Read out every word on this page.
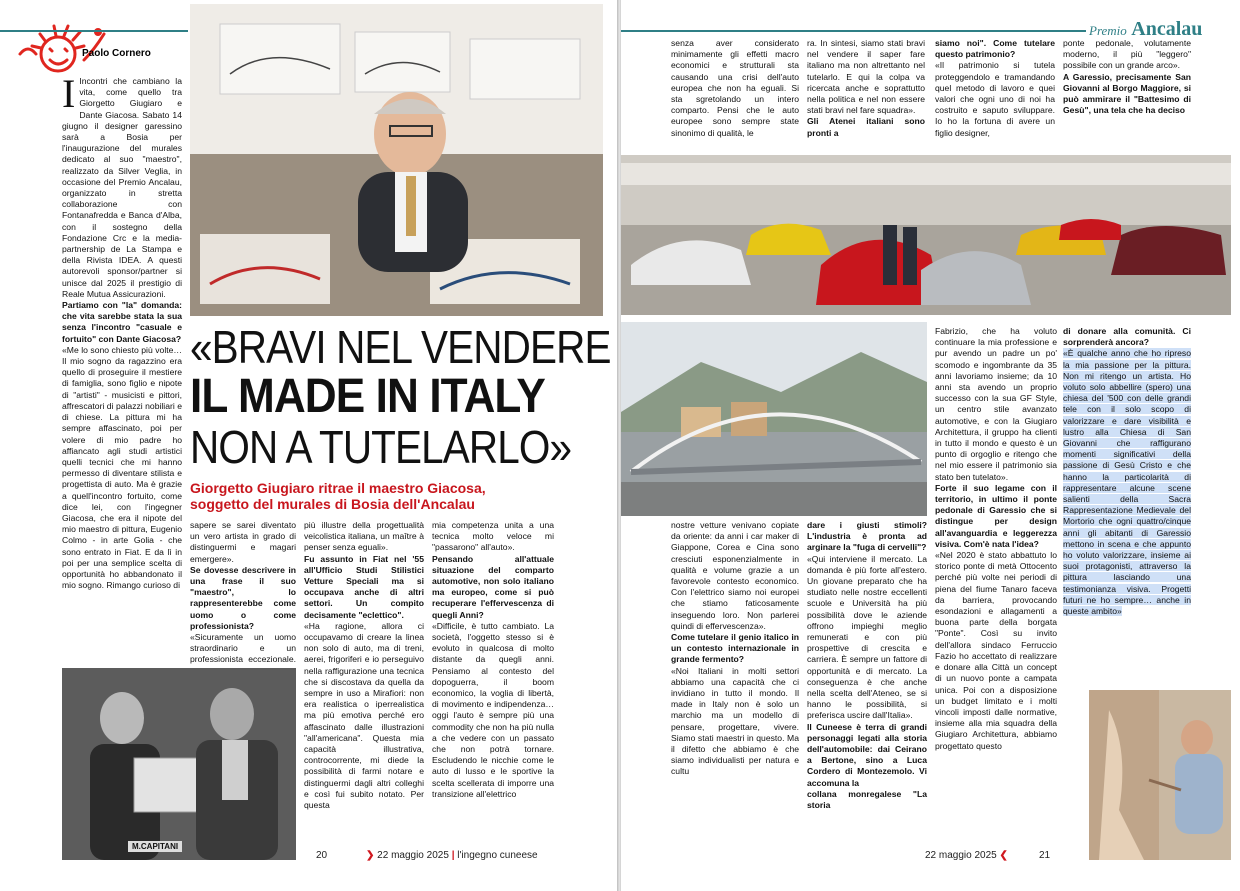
Paolo Cornero
I Incontri che cambiano la vita, come quello tra Giorgetto Giugiaro e Dante Giacosa. Sabato 14 giugno il designer garessino sarà a Bosia per l'inaugurazione del murales dedicato al suo "maestro", realizzato da Silver Veglia, in occasione del Premio Ancalau, organizzato in stretta collaborazione con Fontanafredda e Banca d'Alba, con il sostegno della Fondazione Crc e la media-partnership de La Stampa e della Rivista IDEA. A questi autorevoli sponsor/partner si unisce dal 2025 il prestigio di Reale Mutua Assicurazioni.

Partiamo con "la" domanda: che vita sarebbe stata la sua senza l'incontro "casuale e fortuito" con Dante Giacosa?

«Me lo sono chiesto più volte… Il mio sogno da ragazzino era quello di proseguire il mestiere di famiglia, sono figlio e nipote di "artisti" - musicisti e pittori, affrescatori di palazzi nobiliari e di chiese. La pittura mi ha sempre affascinato, poi per volere di mio padre ho affiancato agli studi artistici quelli tecnici che mi hanno permesso di diventare stilista e progettista di auto. Ma è grazie a quell'incontro fortuito, come dice lei, con l'ingegner Giacosa, che era il nipote del mio maestro di pittura, Eugenio Colmo - in arte Golia - che sono entrato in Fiat. E da lì in poi per una semplice scelta di opportunità ho abbandonato il mio sogno. Rimango curioso di

«BRAVI NEL VENDERE
IL MADE IN ITALY
NON A TUTELARLO»
Giorgetto Giugiaro ritrae il maestro Giacosa,
soggetto del murales di Bosia dell'Ancalau

sapere se sarei diventato un vero artista in grado di distinguermi e magari emergere».

Se dovesse descrivere in una frase il suo "maestro", lo rappresenterebbe come uomo o come professionista?

«Sicuramente un uomo straordinario e un professionista eccezionale.

più illustre della progettualità veicolistica italiana, un maître à penser senza eguali».

Fu assunto in Fiat nel '55 all'Ufficio Studi Stilistici Vetture Speciali ma si occupava anche di altri settori. Un compito decisamente "eclettico".

«Ha ragione, allora ci occupavamo di creare la linea non solo di auto, ma di treni, aerei, frigoriferi e io perseguivo nella raffigurazione una tecnica che si discostava da quella da sempre in uso a Mirafiori: non era realistica o iperrealistica ma più emotiva perché ero affascinato dalle illustrazioni "all'americana". Questa mia capacità illustrativa, controcorrente, mi diede la possibilità di farmi notare e distinguermi dagli altri colleghi e così fui subito notato. Per questa

mia competenza unita a una tecnica molto veloce mi "passarono" all'auto».

Pensando all'attuale situazione del comparto automotive, non solo italiano ma europeo, come si può recuperare l'effervescenza di quegli Anni?

«Difficile, è tutto cambiato. La società, l'oggetto stesso si è evoluto in qualcosa di molto distante da quegli anni. Pensiamo al contesto del dopoguerra, il boom economico, la voglia di libertà, di movimento e indipendenza… oggi l'auto è sempre più una commodity che non ha più nulla a che vedere con un passato che non potrà tornare. Escludendo le nicchie come le auto di lusso e le sportive la scelta scellerata di imporre una transizione all'elettrico

M.CAPITANI
20	❯ 22 maggio 2025 | l'ingegno cuneese
Premio Ancalau

senza aver considerato minimamente gli effetti macro economici e strutturali sta causando una crisi dell'auto europea che non ha eguali. Si sta sgretolando un intero comparto. Pensi che le auto europee sono sempre state sinonimo di qualità, le

ra. In sintesi, siamo stati bravi nel vendere il saper fare italiano ma non altrettanto nel tutelarlo. E qui la colpa va ricercata anche e soprattutto nella politica e nel non essere stati bravi nel fare squadra».

Gli Atenei italiani sono pronti a

siamo noi". Come tutelare questo patrimonio?

«Il patrimonio si tutela proteggendolo e tramandando quel metodo di lavoro e quei valori che ogni uno di noi ha costruito e saputo sviluppare. Io ho la fortuna di avere un figlio designer,

ponte pedonale, volutamente moderno, il più "leggero" possibile con un grande arco».

A Garessio, precisamente San Giovanni al Borgo Maggiore, si può ammirare il "Battesimo di Gesù", una tela che ha deciso

nostre vetture venivano copiate da oriente: da anni i car maker di Giappone, Corea e Cina sono cresciuti esponenzialmente in qualità e volume grazie a un favorevole contesto economico. Con l'elettrico siamo noi europei che stiamo faticosamente inseguendo loro. Non parlerei quindi di effervescenza».

Come tutelare il genio italico in un contesto internazionale in grande fermento?

«Noi Italiani in molti settori abbiamo una capacità che ci invidiano in tutto il mondo. Il made in Italy non è solo un marchio ma un modello di pensare, progettare, vivere. Siamo stati maestri in questo. Ma il difetto che abbiamo è che siamo individualisti per natura e cultu

dare i giusti stimoli? L'industria è pronta ad arginare la "fuga di cervelli"?

«Qui interviene il mercato. La domanda è più forte all'estero. Un giovane preparato che ha studiato nelle nostre eccellenti scuole e Università ha più possibilità dove le aziende offrono impieghi meglio remunerati e con più prospettive di crescita e carriera. È sempre un fattore di opportunità e di mercato. La conseguenza è che anche nella scelta dell'Ateneo, se si hanno le possibilità, si preferisca uscire dall'Italia».

Il Cuneese è terra di grandi personaggi legati alla storia dell'automobile: dai Ceirano a Bertone, sino a Luca Cordero di Montezemolo. Vi accomuna la

collana monregalese "La storia

Fabrizio, che ha voluto continuare la mia professione e pur avendo un padre un po' scomodo e ingombrante da 35 anni lavoriamo insieme; da 10 anni sta avendo un proprio successo con la sua GF Style, un centro stile avanzato automotive, e con la Giugiaro Architettura, il gruppo ha clienti in tutto il mondo e questo è un punto di orgoglio e ritengo che nel mio essere il patrimonio sia stato ben tutelato».

Forte il suo legame con il territorio, in ultimo il ponte pedonale di Garessio che si distingue per design all'avanguardia e leggerezza visiva. Com'è nata l'idea?

«Nel 2020 è stato abbattuto lo storico ponte di metà Ottocento perché più volte nei periodi di piena del fiume Tanaro faceva da barriera, provocando esondazioni e allagamenti a buona parte della borgata "Ponte". Così su invito dell'allora sindaco Ferruccio Fazio ho accettato di realizzare e donare alla Città un concept di un nuovo ponte a campata unica. Poi con a disposizione un budget limitato e i molti vincoli imposti dalle normative, insieme alla mia squadra della Giugiaro Architettura, abbiamo progettato questo

di donare alla comunità. Ci sorprenderà ancora?

«È qualche anno che ho ripreso la mia passione per la pittura. Non mi ritengo un artista. Ho voluto solo abbellire (spero) una chiesa del '500 con delle grandi tele con il solo scopo di valorizzare e dare visibilità e lustro alla Chiesa di San Giovanni che raffigurano momenti significativi della passione di Gesù Cristo e che hanno la particolarità di rappresentare alcune scene salienti della Sacra Rappresentazione Medievale del Mortorio che ogni quattro/cinque anni gli abitanti di Garessio mettono in scena e che appunto ho voluto valorizzare, insieme ai suoi protagonisti, attraverso la pittura lasciando una testimonianza visiva. Progetti futuri ne ho sempre… anche in queste ambito»

22 maggio 2025 ❮	21
